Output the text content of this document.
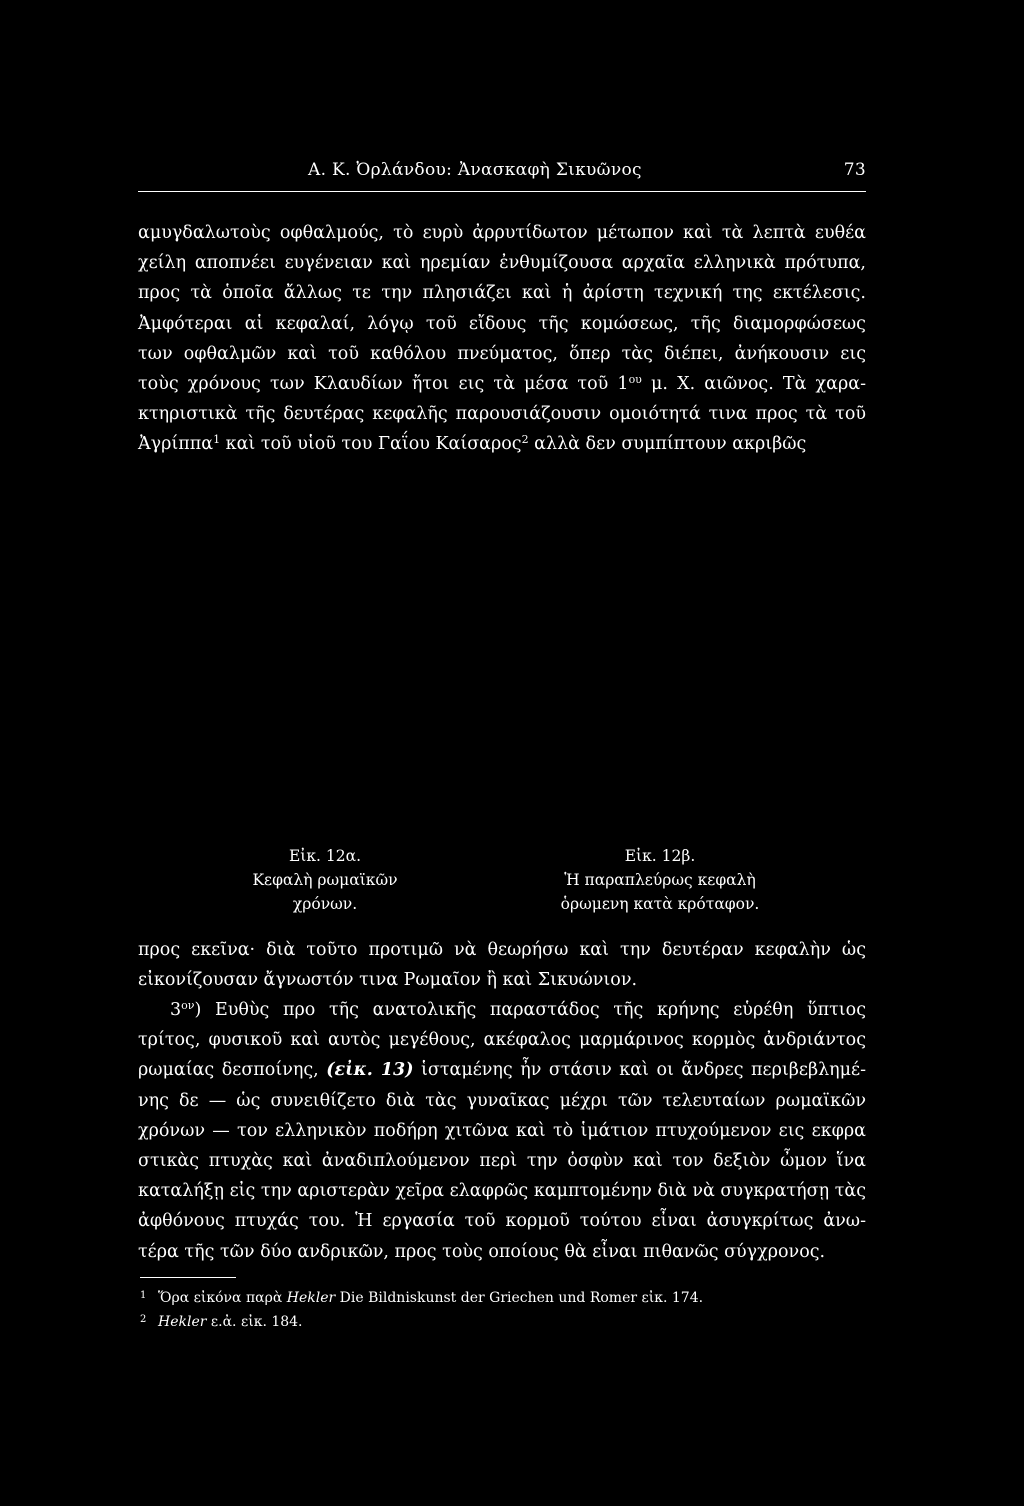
Α. Κ. Ὀρλάνδου: Ἀνασκαφὴ Σικυῶνος	73
αμυγδαλωτοὺς οφθαλμούς, τὸ ευρὺ ἀρρυτίδωτον μέτωπον καὶ τὰ λεπτὰ ευθέα
χείλη αποπνέει ευγένειαν καὶ ηρεμίαν ἐνθυμίζουσα αρχαῖα ελληνικὰ πρότυπα,
προς τὰ ὁποῖα ἄλλως τε την πλησιάζει καὶ ἡ ἀρίστη τεχνική της εκτέλεσις.
Ἀμφότεραι αἱ κεφαλαί, λόγῳ τοῦ εἴδους τῆς κομώσεως, τῆς διαμορφώσεως
των οφθαλμῶν καὶ τοῦ καθόλου πνεύματος, ὅπερ τὰς διέπει, ἀνήκουσιν εις
τοὺς χρόνους των Κλαυδίων ἤτοι εις τὰ μέσα τοῦ $1^{o\upsilon}$ μ. Χ. αιῶνος. Τὰ χαρα-
κτηριστικὰ τῆς δευτέρας κεφαλῆς παρουσιάζουσιν ομοιότητά τινα προς τὰ τοῦ
Ἀγρίππα$^1$ καὶ τοῦ υἱοῦ του Γαΐου Καίσαρος$^2$ αλλὰ δεν συμπίπτουν ακριβῶς
Εἰκ. 12α.
Κεφαλὴ ρωμαϊκῶν
χρόνων.
Εἰκ. 12β.
Ἡ παραπλεύρως κεφαλὴ
ὁρωμενη κατὰ κρόταφον.
προς εκεῖνα· διὰ τοῦτο προτιμῶ νὰ θεωρήσω καὶ την δευτέραν κεφαλὴν ὡς
εἰκονίζουσαν ἄγνωστόν τινα Ρωμαῖον ἢ καὶ Σικυώνιον.
$3^{o\nu}$) Ευθὺς προ τῆς ανατολικῆς παραστάδος τῆς κρήνης εὑρέθη ὕπτιος
τρίτος, φυσικοῦ καὶ αυτὸς μεγέθους, ακέφαλος μαρμάρινος κορμὸς ἀνδριάντος
ρωμαίας δεσποίνης, (εἰκ. 13) ἱσταμένης ἦν στάσιν καὶ οι ἄνδρες περιβεβλημέ-
νης δε — ὡς συνειθίζετο διὰ τὰς γυναῖκας μέχρι τῶν τελευταίων ρωμαϊκῶν
χρόνων — τον ελληνικὸν ποδήρη χιτῶνα καὶ τὸ ἱμάτιον πτυχούμενον εις εκφρα
στικὰς πτυχὰς καὶ ἀναδιπλούμενον περὶ την ὀσφὺν καὶ τον δεξιὸν ὦμον ἵνα
καταλήξῃ εἰς την αριστερὰν χεῖρα ελαφρῶς καμπτομένην διὰ νὰ συγκρατήσῃ τὰς
ἀφθόνους πτυχάς του. Ἡ εργασία τοῦ κορμοῦ τούτου εἶναι ἀσυγκρίτως ἀνω-
τέρα τῆς τῶν δύο ανδρικῶν, προς τοὺς οποίους θὰ εἶναι πιθανῶς σύγχρονος.
1 Ὅρα εἰκόνα παρὰ Hekler Die Bildniskunst der Griechen und Romer εἰκ. 174.
2 Hekler ε.ἀ. εἰκ. 184.
